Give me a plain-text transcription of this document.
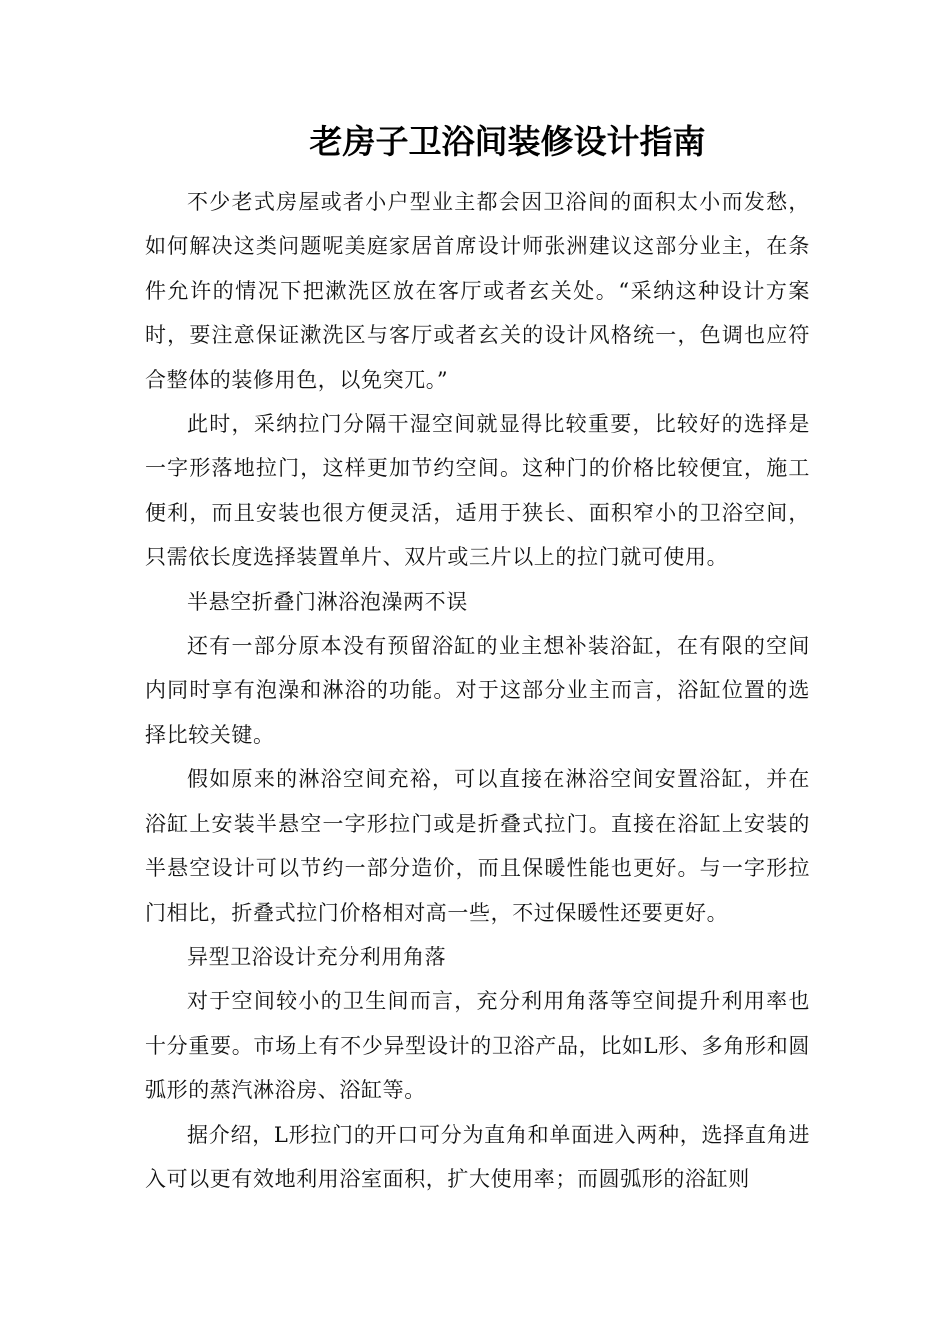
老房子卫浴间装修设计指南

不少老式房屋或者小户型业主都会因卫浴间的面积太小而发愁，如何解决这类问题呢美庭家居首席设计师张洲建议这部分业主，在条件允许的情况下把漱洗区放在客厅或者玄关处。“采纳这种设计方案时，要注意保证漱洗区与客厅或者玄关的设计风格统一，色调也应符合整体的装修用色，以免突兀。”

此时，采纳拉门分隔干湿空间就显得比较重要，比较好的选择是一字形落地拉门，这样更加节约空间。这种门的价格比较便宜，施工便利，而且安装也很方便灵活，适用于狭长、面积窄小的卫浴空间，只需依长度选择装置单片、双片或三片以上的拉门就可使用。

半悬空折叠门淋浴泡澡两不误

还有一部分原本没有预留浴缸的业主想补装浴缸，在有限的空间内同时享有泡澡和淋浴的功能。对于这部分业主而言，浴缸位置的选择比较关键。

假如原来的淋浴空间充裕，可以直接在淋浴空间安置浴缸，并在浴缸上安装半悬空一字形拉门或是折叠式拉门。直接在浴缸上安装的半悬空设计可以节约一部分造价，而且保暖性能也更好。与一字形拉门相比，折叠式拉门价格相对高一些，不过保暖性还要更好。

异型卫浴设计充分利用角落

对于空间较小的卫生间而言，充分利用角落等空间提升利用率也十分重要。市场上有不少异型设计的卫浴产品，比如L形、多角形和圆弧形的蒸汽淋浴房、浴缸等。

据介绍，L形拉门的开口可分为直角和单面进入两种，选择直角进入可以更有效地利用浴室面积，扩大使用率；而圆弧形的浴缸则
